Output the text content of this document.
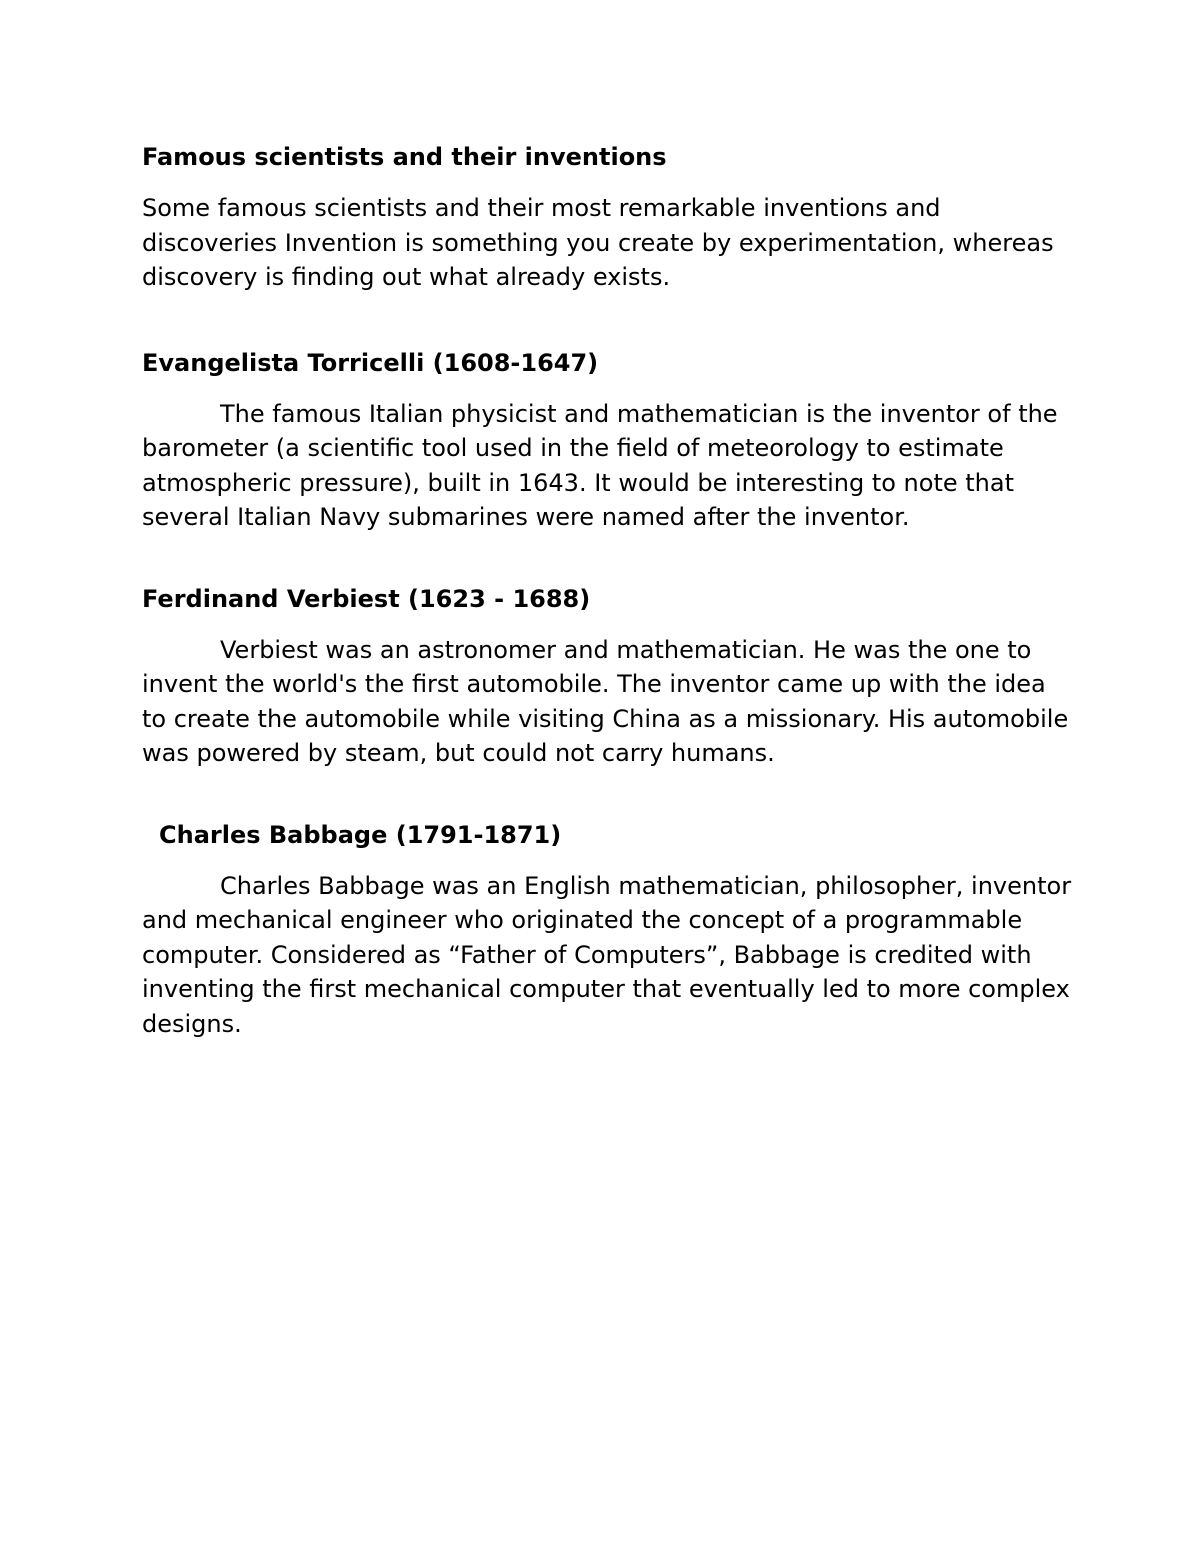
Famous scientists and their inventions

Some famous scientists and their most remarkable inventions and discoveries Invention is something you create by experimentation, whereas discovery is finding out what already exists.

Evangelista Torricelli (1608-1647)

The famous Italian physicist and mathematician is the inventor of the barometer (a scientific tool used in the field of meteorology to estimate atmospheric pressure), built in 1643. It would be interesting to note that several Italian Navy submarines were named after the inventor.

Ferdinand Verbiest (1623 - 1688)

Verbiest was an astronomer and mathematician. He was the one to invent the world's the first automobile. The inventor came up with the idea to create the automobile while visiting China as a missionary. His automobile was powered by steam, but could not carry humans.

Charles Babbage (1791-1871)

Charles Babbage was an English mathematician, philosopher, inventor and mechanical engineer who originated the concept of a programmable computer. Considered as “Father of Computers”, Babbage is credited with inventing the first mechanical computer that eventually led to more complex designs.
